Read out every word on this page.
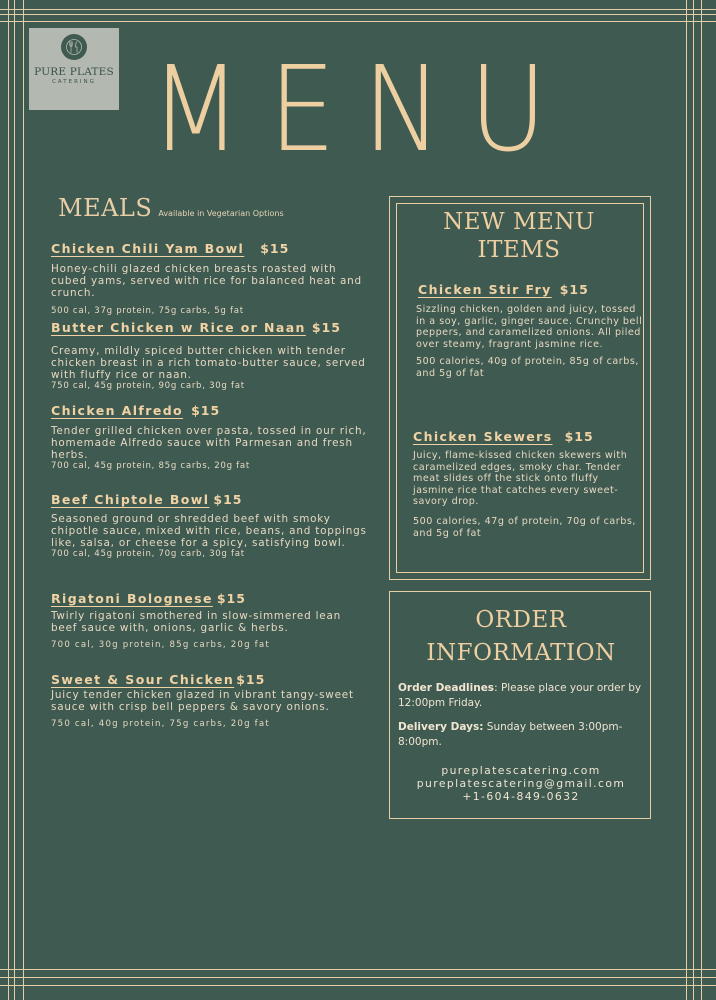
PURE PLATES
CATERING MENU
MEALS Available in Vegetarian Options
Chicken Chili Yam Bowl $15
Honey-chili glazed chicken breasts roasted with cubed yams, served with rice for balanced heat and crunch.
500 cal, 37g protein, 75g carbs, 5g fat
Butter Chicken w Rice or Naan $15
Creamy, mildly spiced butter chicken with tender chicken breast in a rich tomato-butter sauce, served with fluffy rice or naan.
750 cal, 45g protein, 90g carb, 30g fat
Chicken Alfredo $15
Tender grilled chicken over pasta, tossed in our rich, homemade Alfredo sauce with Parmesan and fresh herbs.
700 cal, 45g protein, 85g carbs, 20g fat
Beef Chiptole Bowl $15
Seasoned ground or shredded beef with smoky chipotle sauce, mixed with rice, beans, and toppings like, salsa, or cheese for a spicy, satisfying bowl.
700 cal, 45g protein, 70g carb, 30g fat
Rigatoni Bolognese $15
Twirly rigatoni smothered in slow-simmered lean beef sauce with, onions, garlic & herbs.
700 cal, 30g protein, 85g carbs, 20g fat
Sweet & Sour Chicken $15
Juicy tender chicken glazed in vibrant tangy-sweet sauce with crisp bell peppers & savory onions.
750 cal, 40g protein, 75g carbs, 20g fat
NEW MENU
ITEMS
Chicken Stir Fry $15
Sizzling chicken, golden and juicy, tossed in a soy, garlic, ginger sauce. Crunchy bell peppers, and caramelized onions. All piled over steamy, fragrant jasmine rice.
500 calories, 40g of protein, 85g of carbs, and 5g of fat
Chicken Skewers $15
Juicy, flame-kissed chicken skewers with caramelized edges, smoky char. Tender meat slides off the stick onto fluffy jasmine rice that catches every sweet-savory drop.
500 calories, 47g of protein, 70g of carbs, and 5g of fat
ORDER
INFORMATION
Order Deadlines: Please place your order by 12:00pm Friday.
Delivery Days: Sunday between 3:00pm-8:00pm.
pureplatescatering.com
pureplatescatering@gmail.com
+1-604-849-0632
